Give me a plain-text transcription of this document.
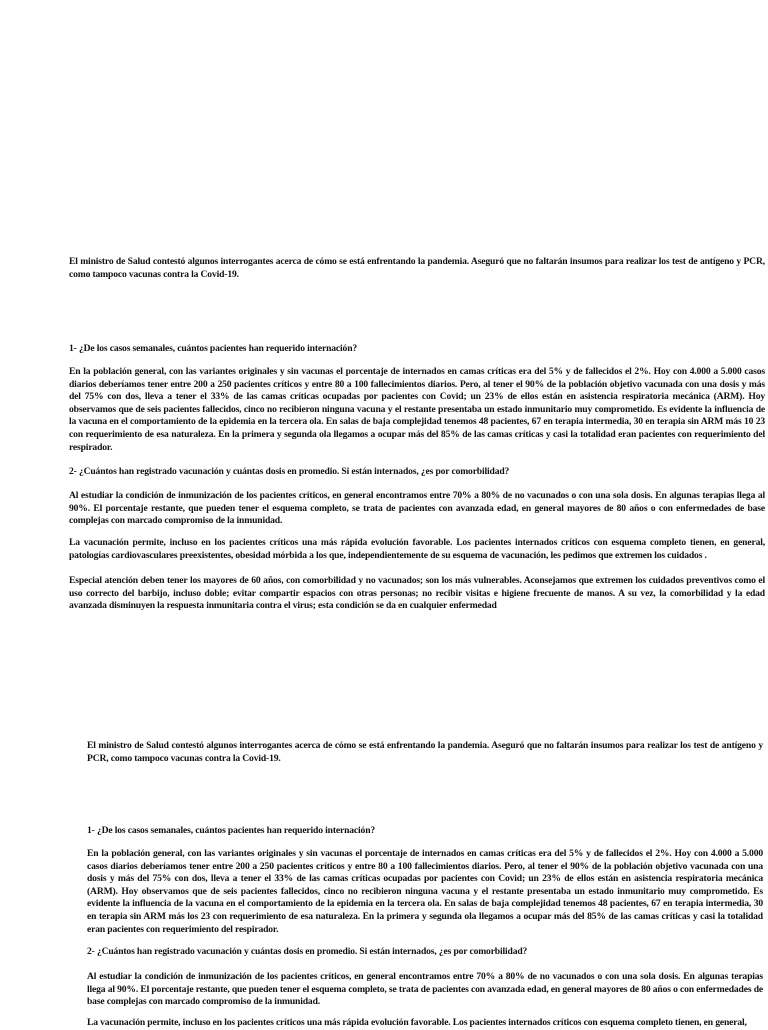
El ministro de Salud contestó algunos interrogantes acerca de cómo se está enfrentando la pandemia. Aseguró que no faltarán insumos para realizar los test de antígeno y PCR, como tampoco vacunas contra la Covid-19.

1- ¿De los casos semanales, cuántos pacientes han requerido internación?

En la población general, con las variantes originales y sin vacunas el porcentaje de internados en camas críticas era del 5% y de fallecidos el 2%. Hoy con 4.000 a 5.000 casos diarios deberíamos tener entre 200 a 250 pacientes críticos y entre 80 a 100 fallecimientos diarios. Pero, al tener el 90% de la población objetivo vacunada con una dosis y más del 75% con dos, lleva a tener el 33% de las camas críticas ocupadas por pacientes con Covid; un 23% de ellos están en asistencia respiratoria mecánica (ARM). Hoy observamos que de seis pacientes fallecidos, cinco no recibieron ninguna vacuna y el restante presentaba un estado inmunitario muy comprometido. Es evidente la influencia de la vacuna en el comportamiento de la epidemia en la tercera ola. En salas de baja complejidad tenemos 48 pacientes, 67 en terapia intermedia, 30 en terapia sin ARM más 10 23 con requerimiento de esa naturaleza. En la primera y segunda ola llegamos a ocupar más del 85% de las camas críticas y casi la totalidad eran pacientes con requerimiento del respirador.

2- ¿Cuántos han registrado vacunación y cuántas dosis en promedio. Si están internados, ¿es por comorbilidad?

Al estudiar la condición de inmunización de los pacientes críticos, en general encontramos entre 70% a 80% de no vacunados o con una sola dosis. En algunas terapias llega al 90%. El porcentaje restante, que pueden tener el esquema completo, se trata de pacientes con avanzada edad, en general mayores de 80 años o con enfermedades de base complejas con marcado compromiso de la inmunidad.

La vacunación permite, incluso en los pacientes críticos una más rápida evolución favorable. Los pacientes internados críticos con esquema completo tienen, en general, patologías cardiovasculares preexistentes, obesidad mórbida a los que, independientemente de su esquema de vacunación, les pedimos que extremen los cuidados .

Especial atención deben tener los mayores de 60 años, con comorbilidad y no vacunados; son los más vulnerables. Aconsejamos que extremen los cuidados preventivos como el uso correcto del barbijo, incluso doble; evitar compartir espacios con otras personas; no recibir visitas e higiene frecuente de manos. A su vez, la comorbilidad y la edad avanzada disminuyen la respuesta inmunitaria contra el virus; esta condición se da en cualquier enfermedad

El ministro de Salud contestó algunos interrogantes acerca de cómo se está enfrentando la pandemia. Aseguró que no faltarán insumos para realizar los test de antígeno y PCR, como tampoco vacunas contra la Covid-19.

1- ¿De los casos semanales, cuántos pacientes han requerido internación?

En la población general, con las variantes originales y sin vacunas el porcentaje de internados en camas críticas era del 5% y de fallecidos el 2%. Hoy con 4.000 a 5.000 casos diarios deberíamos tener entre 200 a 250 pacientes críticos y entre 80 a 100 fallecimientos diarios. Pero, al tener el 90% de la población objetivo vacunada con una dosis y más del 75% con dos, lleva a tener el 33% de las camas críticas ocupadas por pacientes con Covid; un 23% de ellos están en asistencia respiratoria mecánica (ARM). Hoy observamos que de seis pacientes fallecidos, cinco no recibieron ninguna vacuna y el restante presentaba un estado inmunitario muy comprometido. Es evidente la influencia de la vacuna en el comportamiento de la epidemia en la tercera ola. En salas de baja complejidad tenemos 48 pacientes, 67 en terapia intermedia, 30 en terapia sin ARM más los 23 con requerimiento de esa naturaleza. En la primera y segunda ola llegamos a ocupar más del 85% de las camas críticas y casi la totalidad eran pacientes con requerimiento del respirador.

2- ¿Cuántos han registrado vacunación y cuántas dosis en promedio. Si están internados, ¿es por comorbilidad?

Al estudiar la condición de inmunización de los pacientes críticos, en general encontramos entre 70% a 80% de no vacunados o con una sola dosis. En algunas terapias llega al 90%. El porcentaje restante, que pueden tener el esquema completo, se trata de pacientes con avanzada edad, en general mayores de 80 años o con enfermedades de base complejas con marcado compromiso de la inmunidad.

La vacunación permite, incluso en los pacientes críticos una más rápida evolución favorable. Los pacientes internados críticos con esquema completo tienen, en general,
